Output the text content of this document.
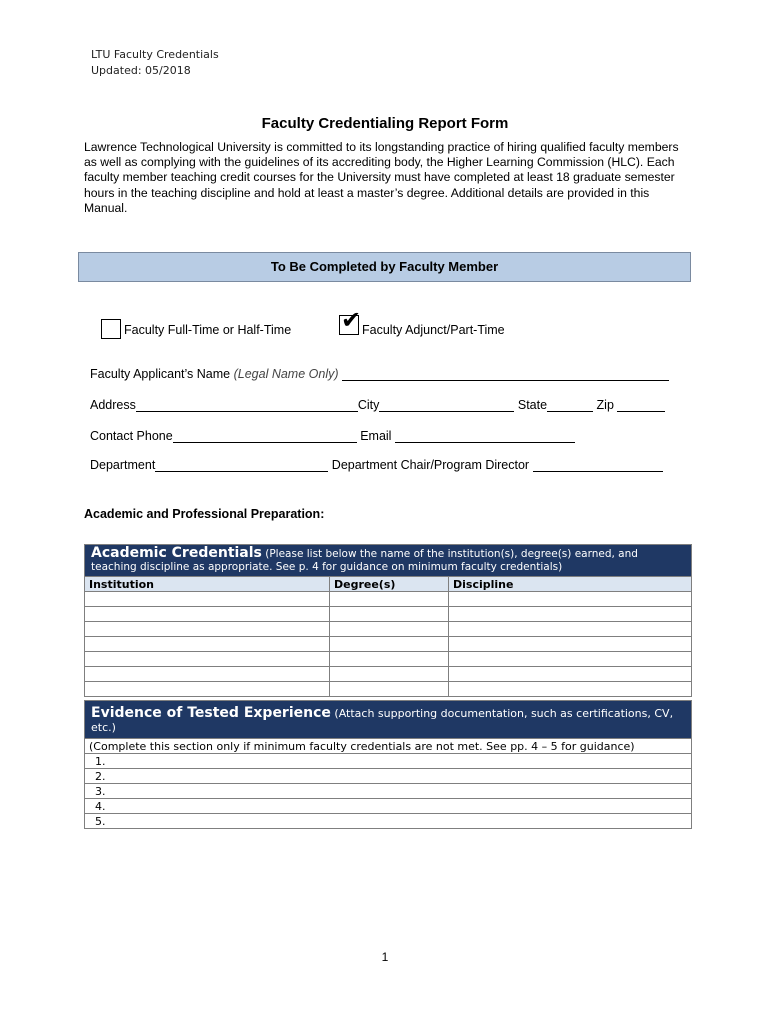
LTU Faculty Credentials
Updated: 05/2018
Faculty Credentialing Report Form
Lawrence Technological University is committed to its longstanding practice of hiring qualified faculty members as well as complying with the guidelines of its accrediting body, the Higher Learning Commission (HLC). Each faculty member teaching credit courses for the University must have completed at least 18 graduate semester hours in the teaching discipline and hold at least a master’s degree. Additional details are provided in this Manual.
To Be Completed by Faculty Member
Faculty Full-Time or Half-Time ✔ Faculty Adjunct/Part-Time
Faculty Applicant’s Name (Legal Name Only)
Address	City	State	Zip
Contact Phone	Email
Department	Department Chair/Program Director
Academic and Professional Preparation:
Academic Credentials (Please list below the name of the institution(s), degree(s) earned, and teaching discipline as appropriate. See p. 4 for guidance on minimum faculty credentials)		
Institution	Degree(s)	Discipline

Evidence of Tested Experience (Attach supporting documentation, such as certifications, CV, etc.)
(Complete this section only if minimum faculty credentials are not met. See pp. 4 – 5 for guidance)
1.
2.
3.
4.
5.
1
